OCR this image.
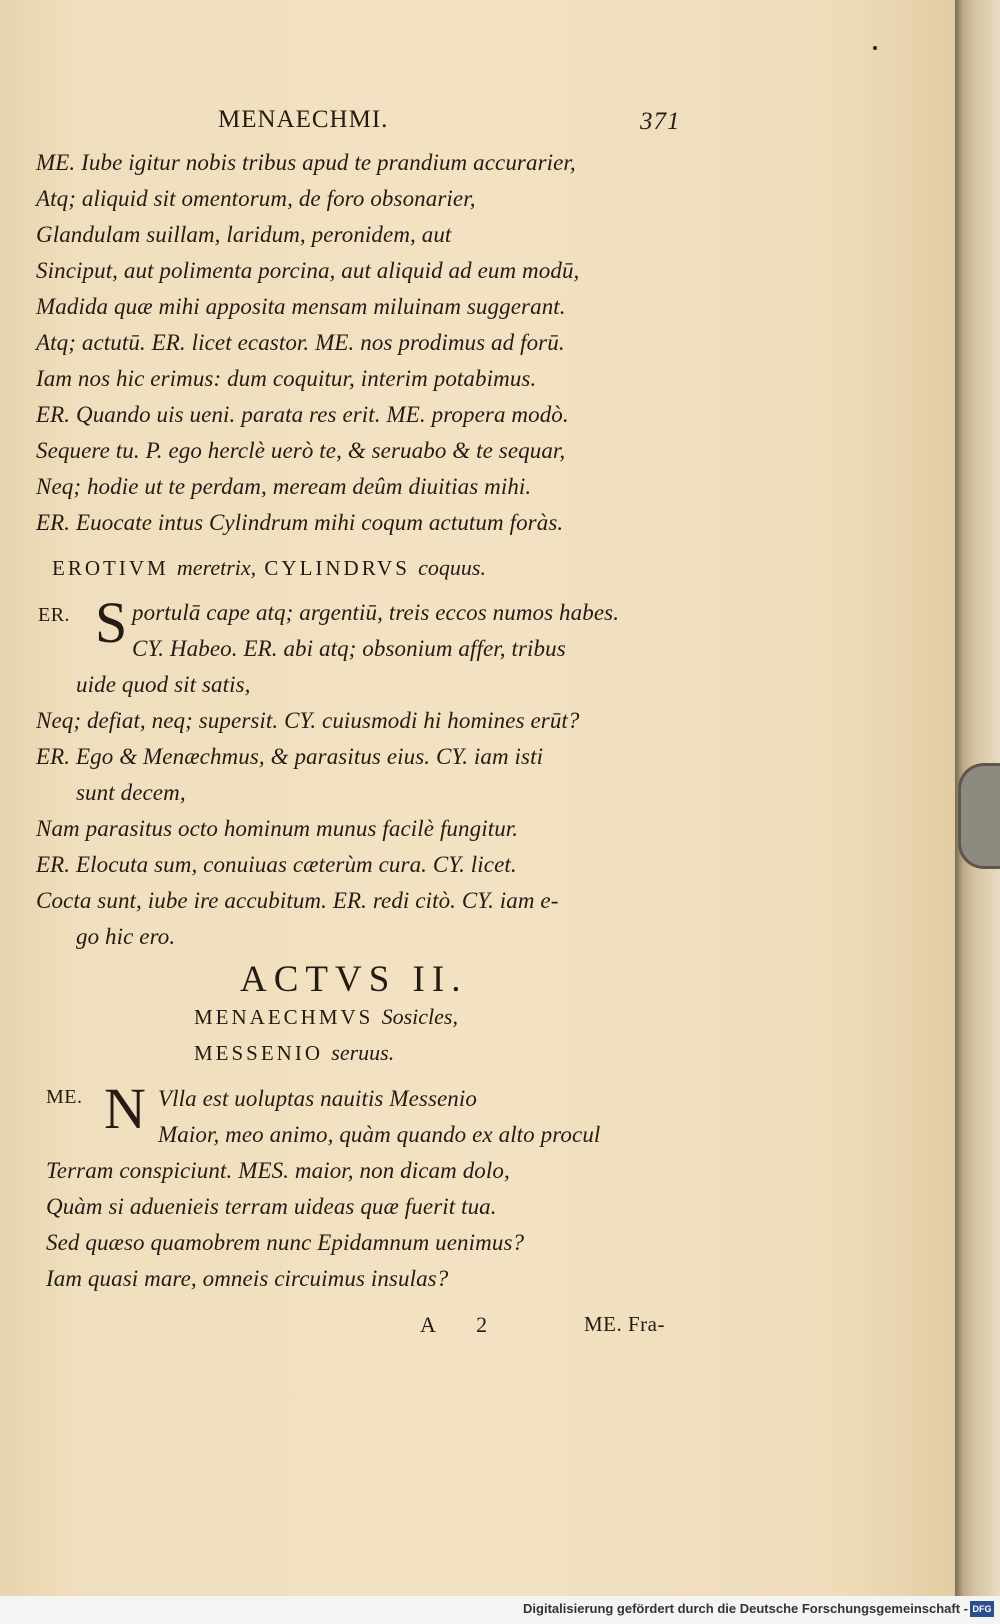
MENAECHMI.	371
ME. Iube igitur nobis tribus apud te prandium accurarier,
Atq; aliquid sit omentorum, de foro obsonarier,
Glandulam suillam, laridum, peronidem, aut
Sinciput, aut polimenta porcina, aut aliquid ad eum modū,
Madida quæ mihi apposita mensam miluinam suggerant.
Atq; actutū. ER. licet ecastor. ME. nos prodimus ad forū.
Iam nos hic erimus: dum coquitur, interim potabimus.
ER. Quando uis ueni. parata res erit. ME. propera modò.
Sequere tu. P. ego herclè uerò te, & seruabo & te sequar,
Neq; hodie ut te perdam, meream deûm diuitias mihi.
ER. Euocate intus Cylindrum mihi coqum actutum foràs.
EROTIVM meretrix, CYLINDRVS coquus.
ER. S portulā cape atq; argentiū, treis eccos numos habes.
CY. Habeo. ER. abi atq; obsonium affer, tribus
uide quod sit satis,
Neq; defiat, neq; supersit. CY. cuiusmodi hi homines erūt?
ER. Ego & Menæchmus, & parasitus eius. CY. iam isti
sunt decem,
Nam parasitus octo hominum munus facilè fungitur.
ER. Elocuta sum, conuiuas cæterùm cura. CY. licet.
Cocta sunt, iube ire accubitum. ER. redi citò. CY. iam e-
go hic ero.
ACTVS II.
MENAECHMVS Sosicles,
MESSENIO seruus.
ME. N Vlla est uoluptas nauitis Messenio
Maior, meo animo, quàm quando ex alto procul
Terram conspiciunt. MES. maior, non dicam dolo,
Quàm si aduenieis terram uideas quæ fuerit tua.
Sed quæso quamobrem nunc Epidamnum uenimus?
Iam quasi mare, omneis circuimus insulas?
A 2	ME. Fra-
Digitalisierung gefördert durch die Deutsche Forschungsgemeinschaft - DFG
